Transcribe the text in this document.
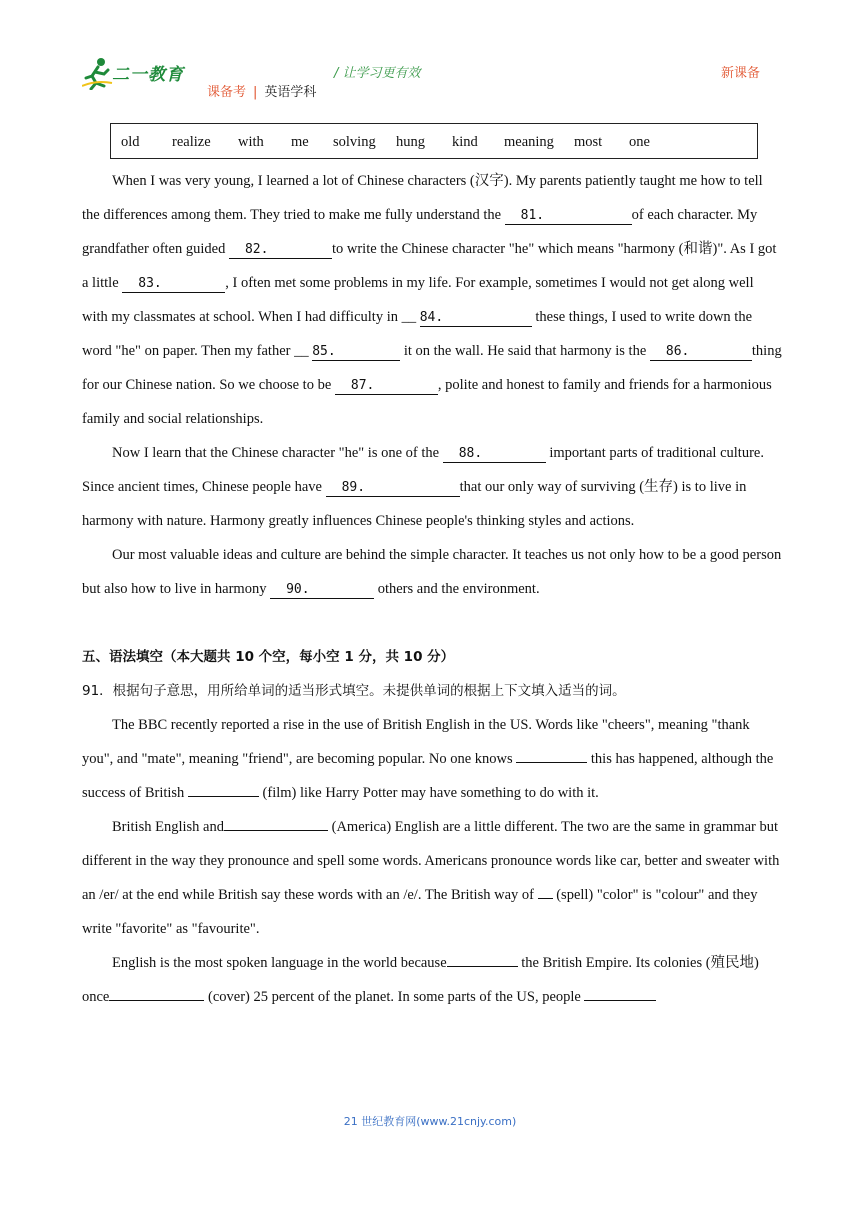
二一教育	/ 让学习更有效
课备考 | 英语学科
新课备
old realize with me solving hung kind meaning most one

When I was very young, I learned a lot of Chinese characters (汉字). My parents patiently taught me how to tell the differences among them. They tried to make me fully understand the 81.	of each character. My grandfather often guided 82.	to write the Chinese character "he" which means "harmony (和谐)". As I got a little 83.	, I often met some problems in my life. For example, sometimes I would not get along well with my classmates at school. When I had difficulty in __ 84.	these things, I used to write down the word "he" on paper. Then my father __ 85.	it on the wall. He said that harmony is the 86.	thing for our Chinese nation. So we choose to be 87.	, polite and honest to family and friends for a harmonious family and social relationships.

Now I learn that the Chinese character "he" is one of the 88.	important parts of traditional culture. Since ancient times, Chinese people have 89.	that our only way of surviving (生存) is to live in harmony with nature. Harmony greatly influences Chinese people's thinking styles and actions.

Our most valuable ideas and culture are behind the simple character. It teaches us not only how to be a good person but also how to live in harmony 90.	others and the environment.

五、语法填空（本大题共 10 个空，每小空 1 分，共 10 分）

91．根据句子意思，用所给单词的适当形式填空。未提供单词的根据上下文填入适当的词。

The BBC recently reported a rise in the use of British English in the US. Words like "cheers", meaning "thank you", and "mate", meaning "friend", are becoming popular. No one knows	this has happened, although the success of British	(film) like Harry Potter may have something to do with it.

British English and	(America) English are a little different. The two are the same in grammar but different in the way they pronounce and spell some words. Americans pronounce words like car, better and sweater with an /er/ at the end while British say these words with an /e/. The British way of  (spell) "color" is "colour" and they write "favorite" as "favourite".

English is the most spoken language in the world because	the British Empire. Its colonies (殖民地) once	(cover) 25 percent of the planet. In some parts of the US, people

21 世纪教育网(www.21cnjy.com)
